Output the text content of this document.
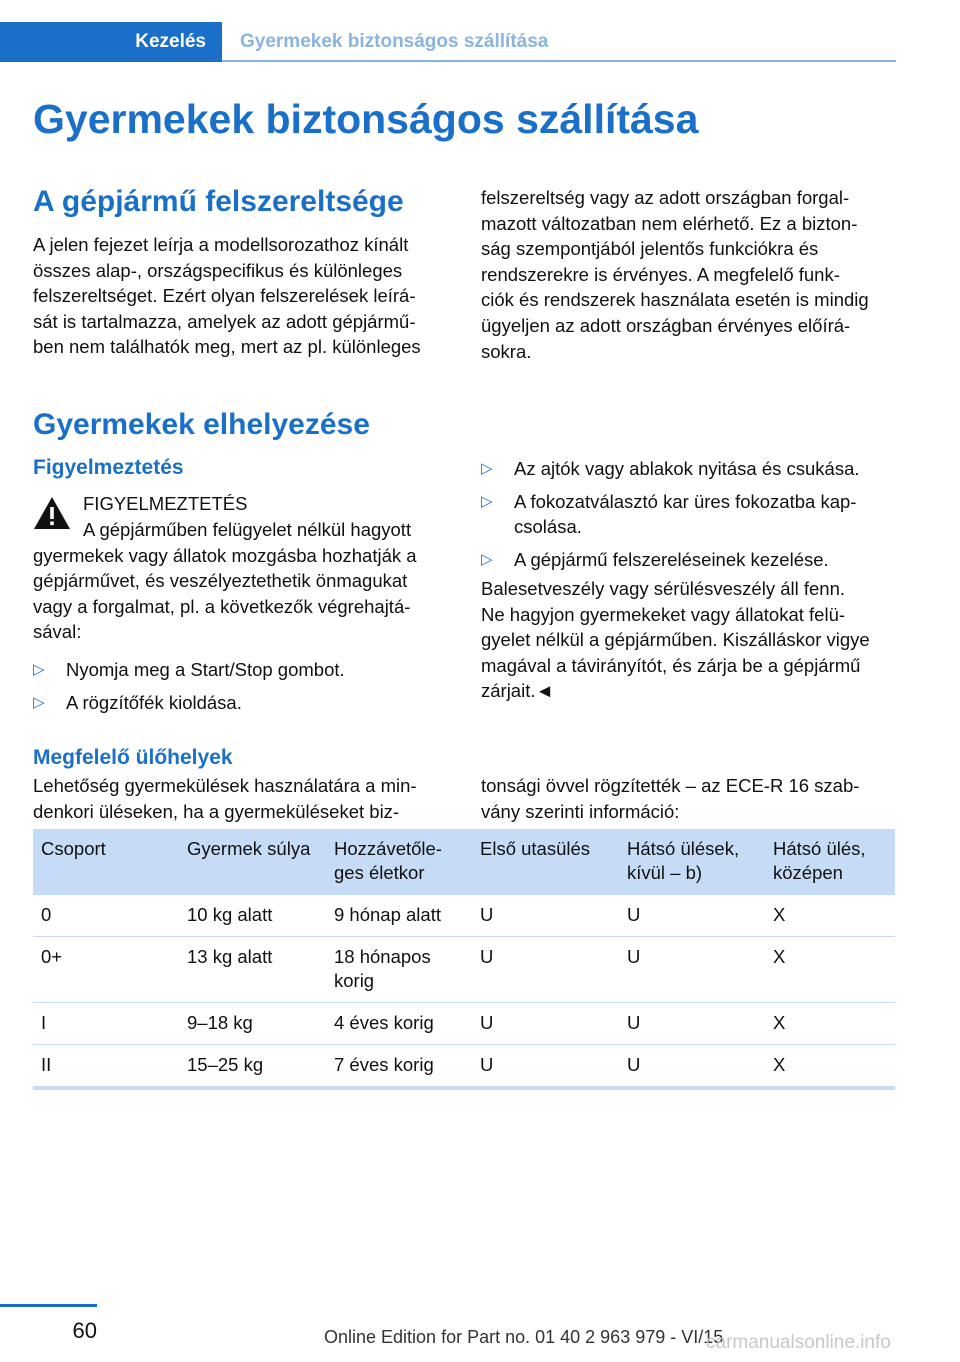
Kezelés	Gyermekek biztonságos szállítása
Gyermekek biztonságos szállítása
A gépjármű felszereltsége

A jelen fejezet leírja a modellsorozathoz kínált

összes alap-, országspecifikus és különleges

felszereltséget. Ezért olyan felszerelések leírá-

sát is tartalmazza, amelyek az adott gépjármű-

ben nem találhatók meg, mert az pl. különleges

felszereltség vagy az adott országban forgal-

mazott változatban nem elérhető. Ez a bizton-

ság szempontjából jelentős funkciókra és

rendszerekre is érvényes. A megfelelő funk-

ciók és rendszerek használata esetén is mindig

ügyeljen az adott országban érvényes előírá-

sokra.

Gyermekek elhelyezése
Figyelmeztetés
FIGYELMEZTETÉS

A gépjárműben felügyelet nélkül hagyott

gyermekek vagy állatok mozgásba hozhatják a

gépjárművet, és veszélyeztethetik önmagukat

vagy a forgalmat, pl. a következők végrehajtá-

sával:

▷ Nyomja meg a Start/Stop gombot.
▷ A rögzítőfék kioldása.
▷ Az ajtók vagy ablakok nyitása és csukása.
▷ A fokozatválasztó kar üres fokozatba kap-
csolása.
▷ A gépjármű felszereléseinek kezelése.

Balesetveszély vagy sérülésveszély áll fenn.

Ne hagyjon gyermekeket vagy állatokat felü-

gyelet nélkül a gépjárműben. Kiszálláskor vigye

magával a távirányítót, és zárja be a gépjármű

zárjait.◄

Megfelelő ülőhelyek

Lehetőség gyermekülések használatára a min-

denkori üléseken, ha a gyermeküléseket biz-

tonsági övvel rögzítették – az ECE-R 16 szab-

vány szerinti információ:

Csoport	Gyermek súlya	Hozzávetőle-
ges életkor	Első utasülés	Hátsó ülések,
kívül – b)	Hátsó ülés,
középen
0	10 kg alatt	9 hónap alatt	U	U	X
0+	13 kg alatt	18 hónapos
korig	U	U	X
I	9–18 kg	4 éves korig	U	U	X
II	15–25 kg	7 éves korig	U	U	X
60	Online Edition for Part no. 01 40 2 963 979 - VI/15
carmanualsonline.info
